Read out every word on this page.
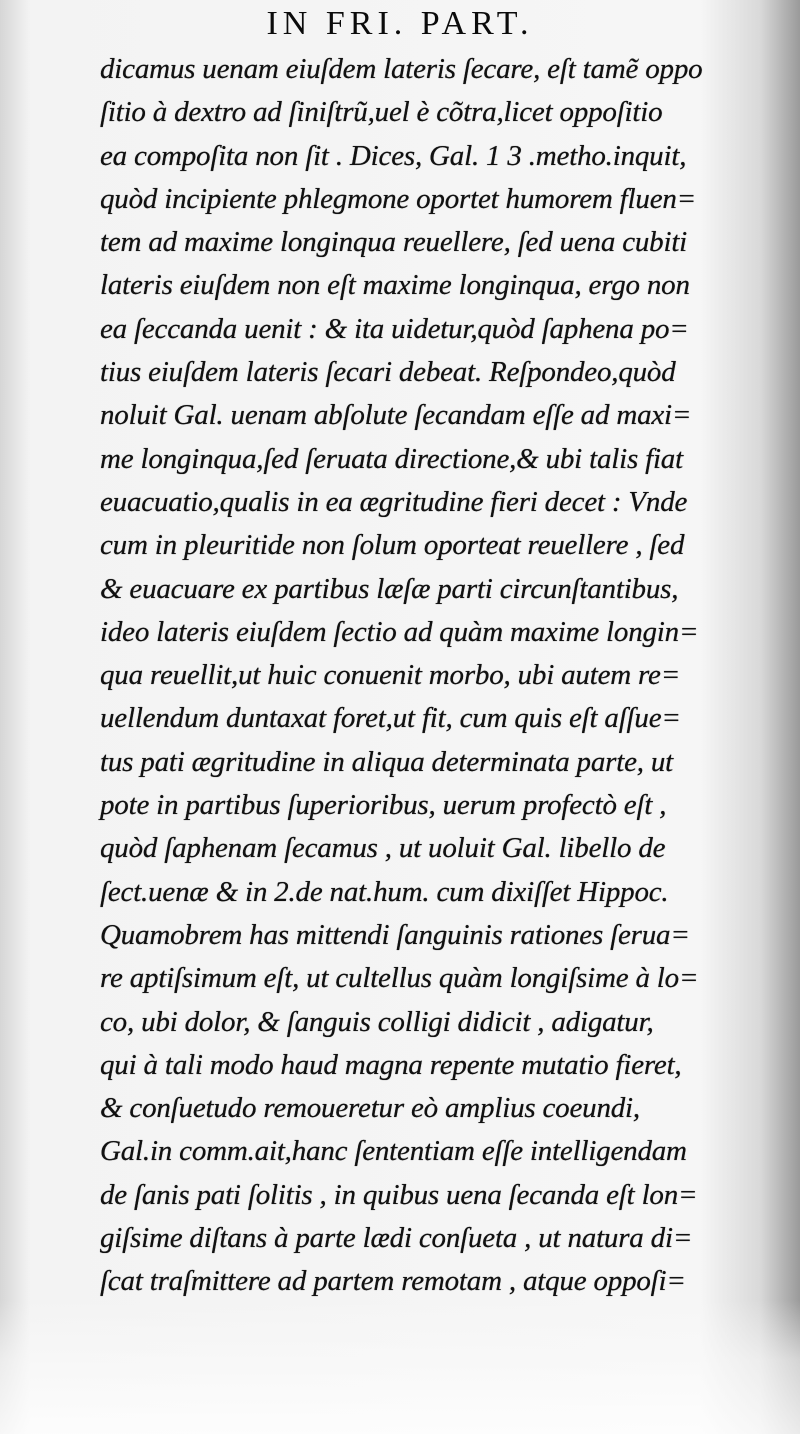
IN FRI. PART.
dicamus uenam eiuſdem lateris ſecare, eſt tamẽ oppo
ſitio à dextro ad ſiniſtrũ,uel è cõtra,licet oppoſitio
ea compoſita non ſit . Dices, Gal. 1 3 .metho.inquit,
quòd incipiente phlegmone oportet humorem fluen=
tem ad maxime longinqua reuellere, ſed uena cubiti
lateris eiuſdem non eſt maxime longinqua, ergo non
ea ſeccanda uenit : & ita uidetur,quòd ſaphena po=
tius eiuſdem lateris ſecari debeat. Reſpondeo,quòd
noluit Gal. uenam abſolute ſecandam eſſe ad maxi=
me longinqua,ſed ſeruata directione,& ubi talis fiat
euacuatio,qualis in ea ægritudine fieri decet : Vnde
cum in pleuritide non ſolum oporteat reuellere , ſed
& euacuare ex partibus læſæ parti circunſtantibus,
ideo lateris eiuſdem ſectio ad quàm maxime longin=
qua reuellit,ut huic conuenit morbo, ubi autem re=
uellendum duntaxat foret,ut fit, cum quis eſt aſſue=
tus pati ægritudine in aliqua determinata parte, ut
pote in partibus ſuperioribus, uerum profectò eſt ,
quòd ſaphenam ſecamus , ut uoluit Gal. libello de
ſect.uenæ & in 2.de nat.hum. cum dixiſſet Hippoc.
Quamobrem has mittendi ſanguinis rationes ſerua=
re aptiſsimum eſt, ut cultellus quàm longiſsime à lo=
co, ubi dolor, & ſanguis colligi didicit , adigatur,
qui à tali modo haud magna repente mutatio fieret,
& conſuetudo remoueretur eò amplius coeundi,
Gal.in comm.ait,hanc ſententiam eſſe intelligendam
de ſanis pati ſolitis , in quibus uena ſecanda eſt lon=
giſsime diſtans à parte lædi conſueta , ut natura di=
ſcat traſmittere ad partem remotam , atque oppoſi=
